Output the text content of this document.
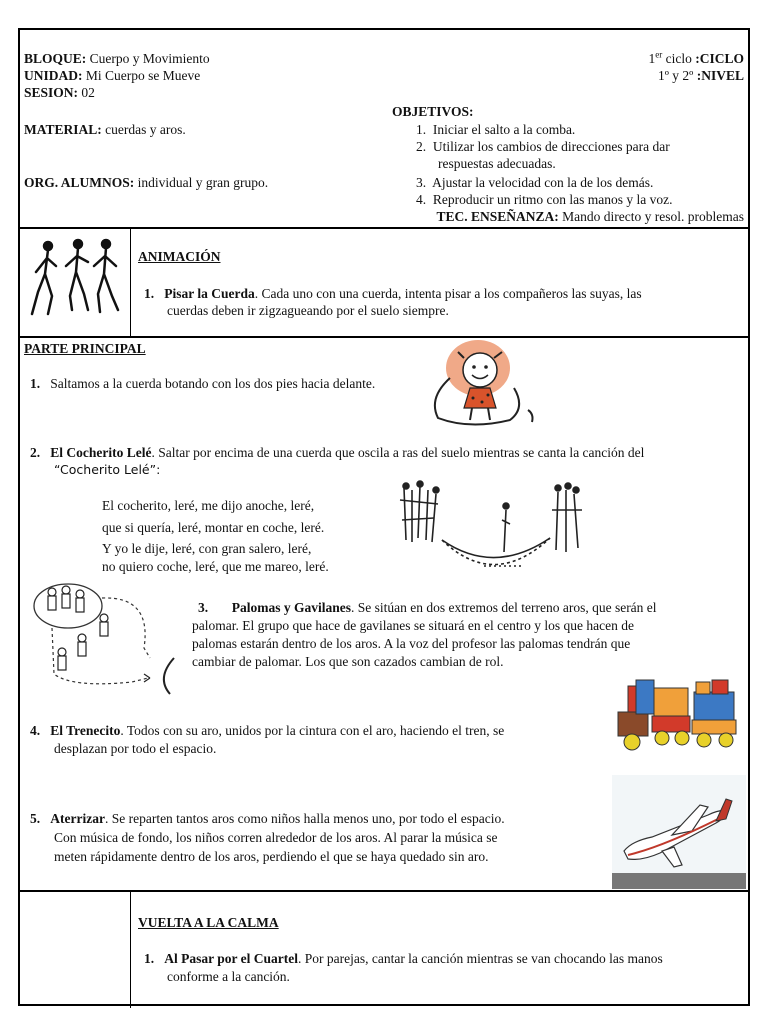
BLOQUE: Cuerpo y Movimiento
UNIDAD: Mi Cuerpo se Mueve
SESION: 02
MATERIAL: cuerdas y aros.
ORG. ALUMNOS: individual y gran grupo.
1er ciclo :CICLO
1º y 2º :NIVEL
OBJETIVOS:
1. Iniciar el salto a la comba.
2. Utilizar los cambios de direcciones para dar
respuestas adecuadas.
3. Ajustar la velocidad con la de los demás.
4. Reproducir un ritmo con las manos y la voz.
TEC. ENSEÑANZA: Mando directo y resol. problemas
ANIMACIÓN
1. Pisar la Cuerda. Cada uno con una cuerda, intenta pisar a los compañeros las suyas, las
cuerdas deben ir zigzagueando por el suelo siempre.
PARTE PRINCIPAL
1. Saltamos a la cuerda botando con los dos pies hacia delante.
2. El Cocherito Lelé. Saltar por encima de una cuerda que oscila a ras del suelo mientras se canta la canción del
“Cocherito Lelé”:
El cocherito, leré, me dijo anoche, leré,
que si quería, leré, montar en coche, leré.
Y yo le dije, leré, con gran salero, leré,
no quiero coche, leré, que me mareo, leré.
3. Palomas y Gavilanes. Se sitúan en dos extremos del terreno aros, que serán el
palomar. El grupo que hace de gavilanes se situará en el centro y los que hacen de
palomas estarán dentro de los aros. A la voz del profesor las palomas tendrán que
cambiar de palomar. Los que son cazados cambian de rol.
4. El Trenecito. Todos con su aro, unidos por la cintura con el aro, haciendo el tren, se
desplazan por todo el espacio.
5. Aterrizar. Se reparten tantos aros como niños halla menos uno, por todo el espacio.
Con música de fondo, los niños corren alrededor de los aros. Al parar la música se
meten rápidamente dentro de los aros, perdiendo el que se haya quedado sin aro.
VUELTA A LA CALMA
1. Al Pasar por el Cuartel. Por parejas, cantar la canción mientras se van chocando las manos
conforme a la canción.
